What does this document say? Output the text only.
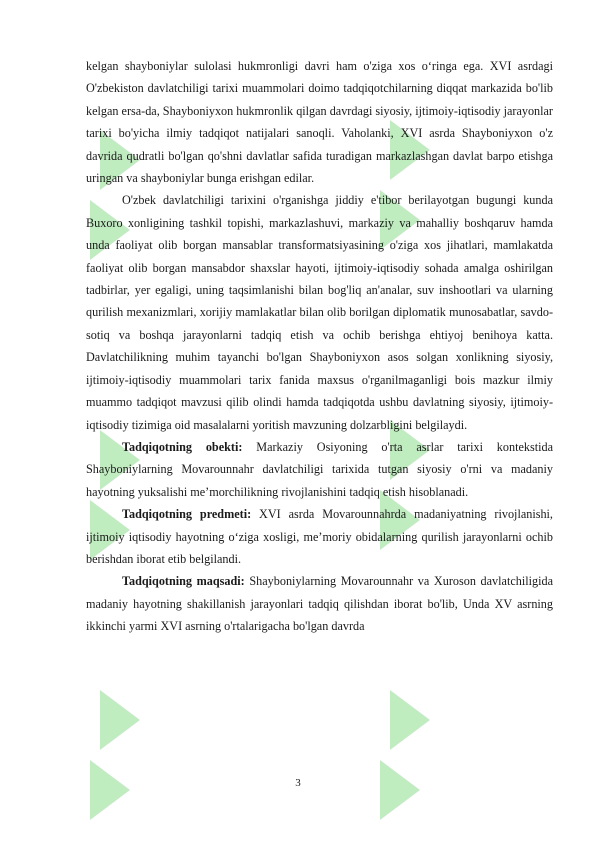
kelgan shayboniylar sulolasi hukmronligi davri ham o'ziga xos o‘ringa ega. XVI asrdagi O'zbekiston davlatchiligi tarixi muammolari doimo tadqiqotchilarning diqqat markazida bo'lib kelgan ersa-da, Shayboniyxon hukmronlik qilgan davrdagi siyosiy, ijtimoiy-iqtisodiy jarayonlar tarixi bo'yicha ilmiy tadqiqot natijalari sanoqli. Vaholanki, XVI asrda Shayboniyxon o'z davrida qudratli bo'lgan qo'shni davlatlar safida turadigan markazlashgan davlat barpo etishga uringan va shayboniylar bunga erishgan edilar.

O'zbek davlatchiligi tarixini o'rganishga jiddiy e'tibor berilayotgan bugungi kunda Buxoro xonligining tashkil topishi, markazlashuvi, markaziy va mahalliy boshqaruv hamda unda faoliyat olib borgan mansablar transformatsiyasining o'ziga xos jihatlari, mamlakatda faoliyat olib borgan mansabdor shaxslar hayoti, ijtimoiy-iqtisodiy sohada amalga oshirilgan tadbirlar, yer egaligi, uning taqsimlanishi bilan bog'liq an'analar, suv inshootlari va ularning qurilish mexanizmlari, xorijiy mamlakatlar bilan olib borilgan diplomatik munosabatlar, savdo-sotiq va boshqa jarayonlarni tadqiq etish va ochib berishga ehtiyoj benihoya katta. Davlatchilikning muhim tayanchi bo'lgan Shayboniyxon asos solgan xonlikning siyosiy, ijtimoiy-iqtisodiy muammolari tarix fanida maxsus o'rganilmaganligi bois mazkur ilmiy muammo tadqiqot mavzusi qilib olindi hamda tadqiqotda ushbu davlatning siyosiy, ijtimoiy-iqtisodiy tizimiga oid masalalarni yoritish mavzuning dolzarbligini belgilaydi.

Tadqiqotning obekti: Markaziy Osiyoning o'rta asrlar tarixi kontekstida Shayboniylarning Movarounnahr davlatchiligi tarixida tutgan siyosiy o'rni va madaniy hayotning yuksalishi me’morchilikning rivojlanishini tadqiq etish hisoblanadi.

Tadqiqotning predmeti: XVI asrda Movarounnahrda madaniyatning rivojlanishi, ijtimoiy iqtisodiy hayotning o‘ziga xosligi, me’moriy obidalarning qurilish jarayonlarni ochib berishdan iborat etib belgilandi.

Tadqiqotning maqsadi: Shayboniylarning Movarounnahr va Xuroson davlatchiligida madaniy hayotning shakillanish jarayonlari tadqiq qilishdan iborat bo'lib, Unda XV asrning ikkinchi yarmi XVI asrning o'rtalarigacha bo'lgan davrda

3
